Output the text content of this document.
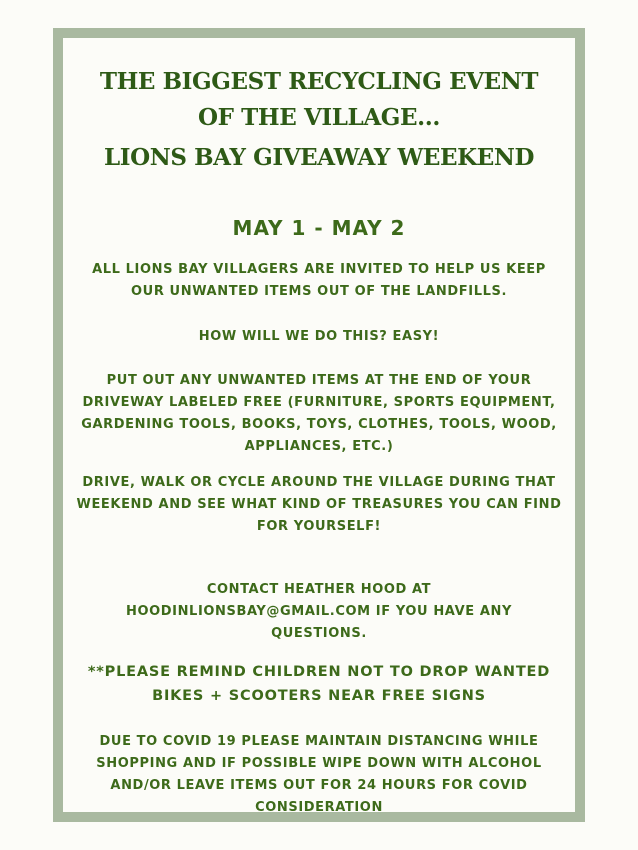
THE BIGGEST RECYCLING EVENT
OF THE VILLAGE...
LIONS BAY GIVEAWAY WEEKEND
MAY 1 - MAY 2

ALL LIONS BAY VILLAGERS ARE INVITED TO HELP US KEEP
OUR UNWANTED ITEMS OUT OF THE LANDFILLS.

HOW WILL WE DO THIS? EASY!

PUT OUT ANY UNWANTED ITEMS AT THE END OF YOUR
DRIVEWAY LABELED FREE (FURNITURE, SPORTS EQUIPMENT,
GARDENING TOOLS, BOOKS, TOYS, CLOTHES, TOOLS, WOOD,
APPLIANCES, ETC.)

DRIVE, WALK OR CYCLE AROUND THE VILLAGE DURING THAT
WEEKEND AND SEE WHAT KIND OF TREASURES YOU CAN FIND
FOR YOURSELF!

CONTACT HEATHER HOOD AT
HOODINLIONSBAY@GMAIL.COM IF YOU HAVE ANY
QUESTIONS.

**PLEASE REMIND CHILDREN NOT TO DROP WANTED
BIKES + SCOOTERS NEAR FREE SIGNS

DUE TO COVID 19 PLEASE MAINTAIN DISTANCING WHILE
SHOPPING AND IF POSSIBLE WIPE DOWN WITH ALCOHOL
AND/OR LEAVE ITEMS OUT FOR 24 HOURS FOR COVID
CONSIDERATION
